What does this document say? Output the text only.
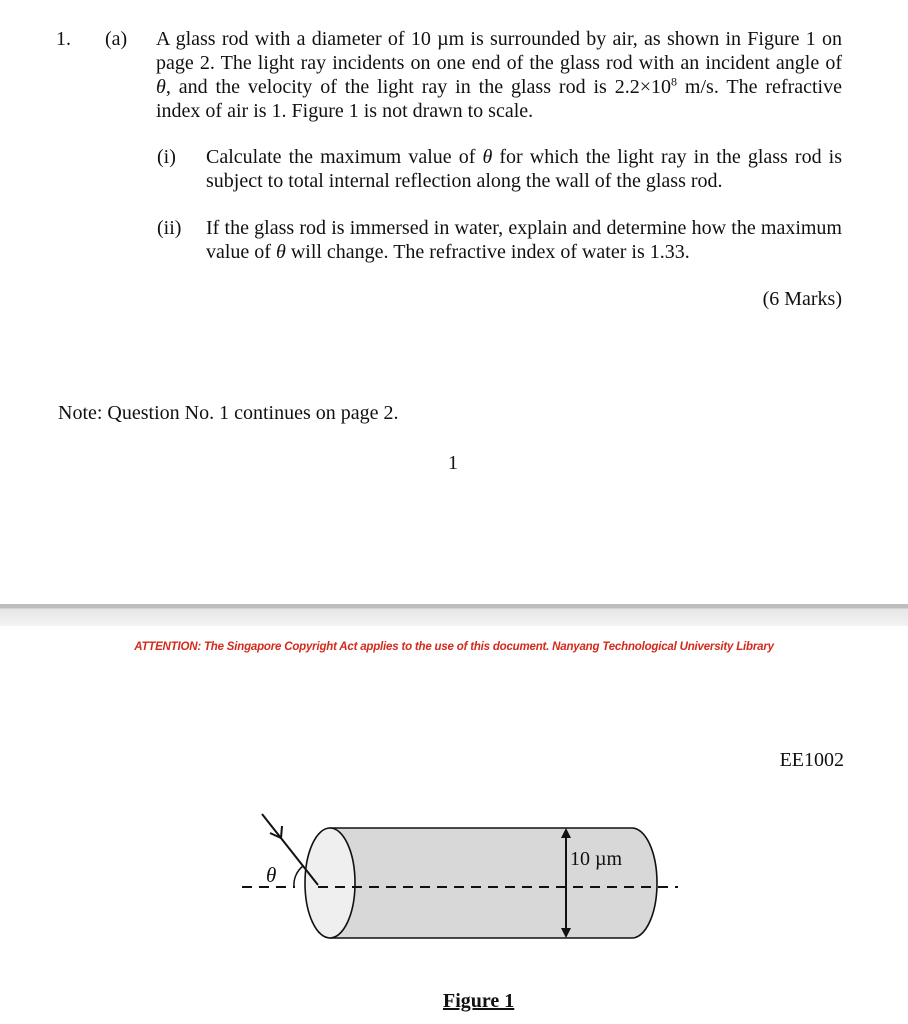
1. (a) A glass rod with a diameter of 10 µm is surrounded by air, as shown in Figure 1 on page 2. The light ray incidents on one end of the glass rod with an incident angle of θ, and the velocity of the light ray in the glass rod is $2.2\times 10^8$ m/s. The refractive index of air is 1. Figure 1 is not drawn to scale.
(i) Calculate the maximum value of θ for which the light ray in the glass rod is subject to total internal reflection along the wall of the glass rod.
(ii) If the glass rod is immersed in water, explain and determine how the maximum value of θ will change. The refractive index of water is 1.33.
(6 Marks)
Note: Question No. 1 continues on page 2.
1
ATTENTION: The Singapore Copyright Act applies to the use of this document. Nanyang Technological University Library
EE1002
θ
10 µm
Figure 1
